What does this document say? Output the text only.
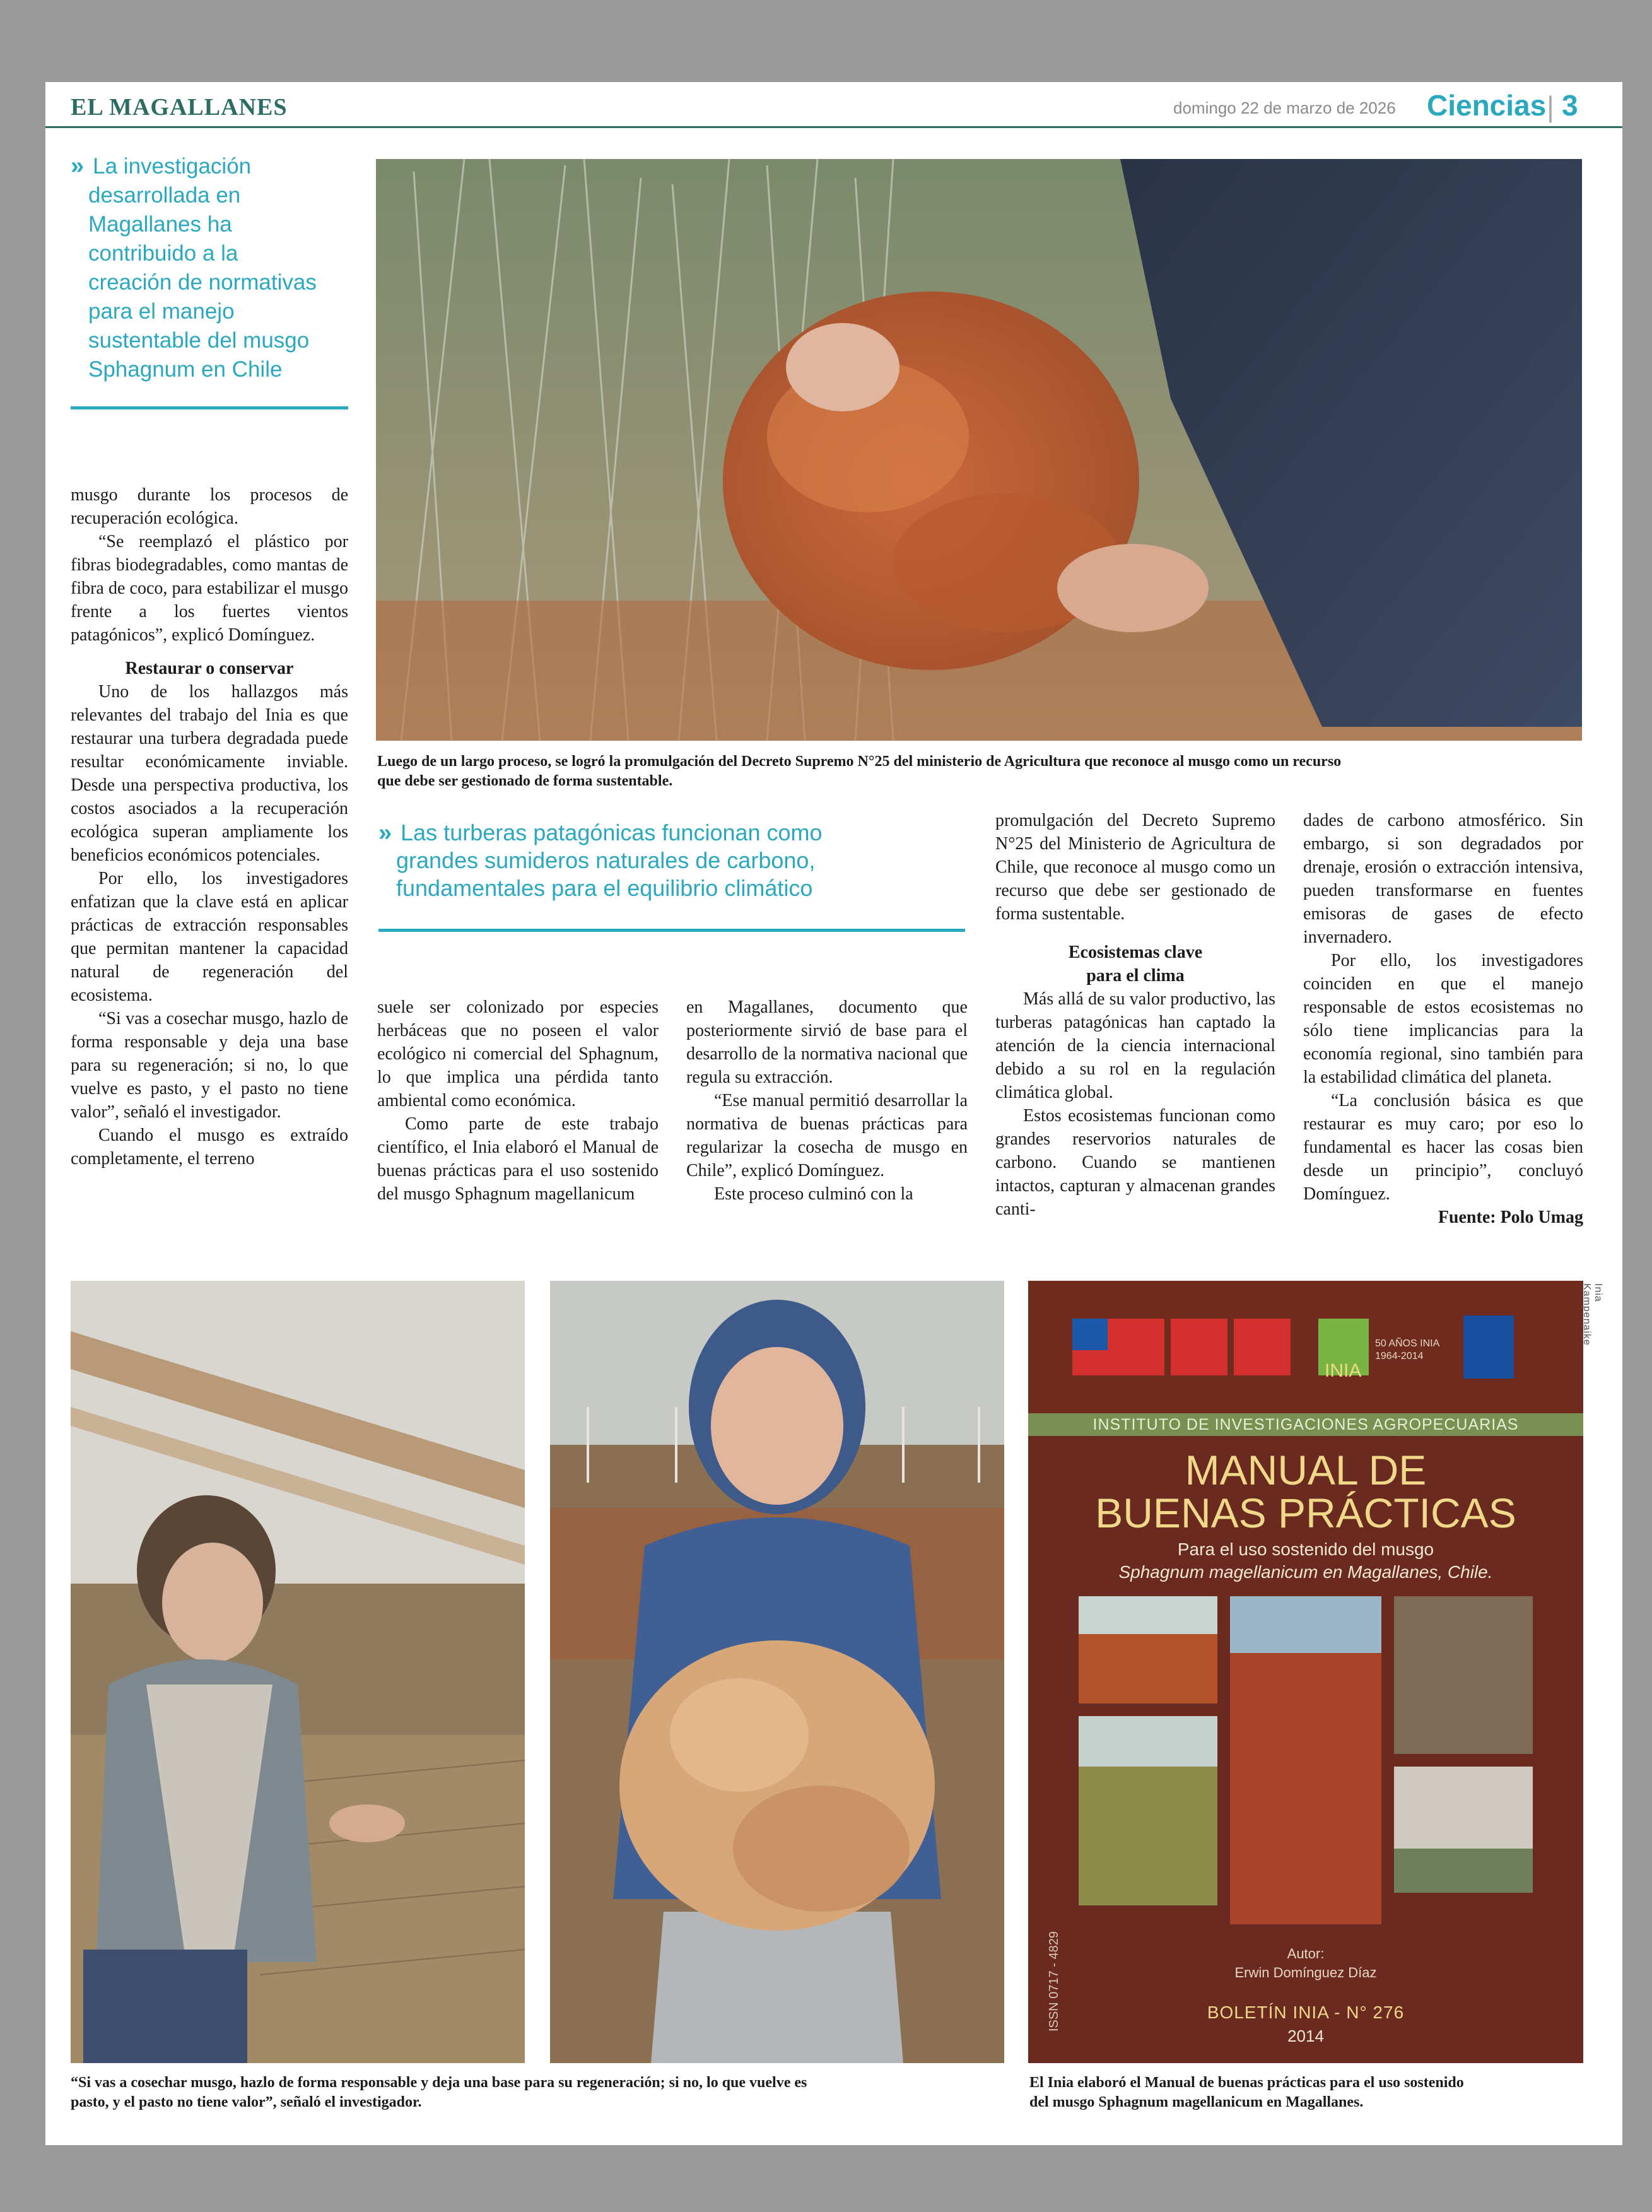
EL MAGALLANES	domingo 22 de marzo de 2026 Ciencias | 3
» La investigación
desarrollada en
Magallanes ha
contribuido a la
creación de normativas
para el manejo
sustentable del musgo
Sphagnum en Chile
Luego de un largo proceso, se logró la promulgación del Decreto Supremo N°25 del ministerio de Agricultura que reconoce al musgo como un recurso
que debe ser gestionado de forma sustentable.

musgo durante los procesos de recuperación ecológica.

“Se reemplazó el plástico por fibras biodegradables, como mantas de fibra de coco, para estabilizar el musgo frente a los fuertes vientos patagónicos”, explicó Domínguez.

Restaurar o conservar

Uno de los hallazgos más relevantes del trabajo del Inia es que restaurar una turbera degradada puede resultar económicamente inviable. Desde una perspectiva productiva, los costos asociados a la recuperación ecológica superan ampliamente los beneficios económicos potenciales.

Por ello, los investigadores enfatizan que la clave está en aplicar prácticas de extracción responsables que permitan mantener la capacidad natural de regeneración del ecosistema.

“Si vas a cosechar musgo, hazlo de forma responsable y deja una base para su regeneración; si no, lo que vuelve es pasto, y el pasto no tiene valor”, señaló el investigador.

Cuando el musgo es extraído completamente, el terreno

» Las turberas patagónicas funcionan como
grandes sumideros naturales de carbono,
fundamentales para el equilibrio climático

suele ser colonizado por especies herbáceas que no poseen el valor ecológico ni comercial del Sphagnum, lo que implica una pérdida tanto ambiental como económica.

Como parte de este trabajo científico, el Inia elaboró el Manual de buenas prácticas para el uso sostenido del musgo Sphagnum magellanicum

en Magallanes, documento que posteriormente sirvió de base para el desarrollo de la normativa nacional que regula su extracción.

“Ese manual permitió desarrollar la normativa de buenas prácticas para regularizar la cosecha de musgo en Chile”, explicó Domínguez.

Este proceso culminó con la

promulgación del Decreto Supremo N°25 del Ministerio de Agricultura de Chile, que reconoce al musgo como un recurso que debe ser gestionado de forma sustentable.

Ecosistemas clave

para el clima

Más allá de su valor productivo, las turberas patagónicas han captado la atención de la ciencia internacional debido a su rol en la regulación climática global.

Estos ecosistemas funcionan como grandes reservorios naturales de carbono. Cuando se mantienen intactos, capturan y almacenan grandes canti-

dades de carbono atmosférico. Sin embargo, si son degradados por drenaje, erosión o extracción intensiva, pueden transformarse en fuentes emisoras de gases de efecto invernadero.

Por ello, los investigadores coinciden en que el manejo responsable de estos ecosistemas no sólo tiene implicancias para la economía regional, sino también para la estabilidad climática del planeta.

“La conclusión básica es que restaurar es muy caro; por eso lo fundamental es hacer las cosas bien desde un principio”, concluyó Domínguez.

Fuente: Polo Umag

INIA
50 AÑOS INIA 1964-2014
INSTITUTO DE INVESTIGACIONES AGROPECUARIAS
MANUAL DE
BUENAS PRÁCTICAS
Para el uso sostenido del musgo
Sphagnum magellanicum en Magallanes, Chile.
ISSN 0717 - 4829	Autor:
Erwin Domínguez Díaz
BOLETÍN INIA - N° 276
2014
Inia Kampenaike
“Si vas a cosechar musgo, hazlo de forma responsable y deja una base para su regeneración; si no, lo que vuelve es
pasto, y el pasto no tiene valor”, señaló el investigador.
El Inia elaboró el Manual de buenas prácticas para el uso sostenido
del musgo Sphagnum magellanicum en Magallanes.
